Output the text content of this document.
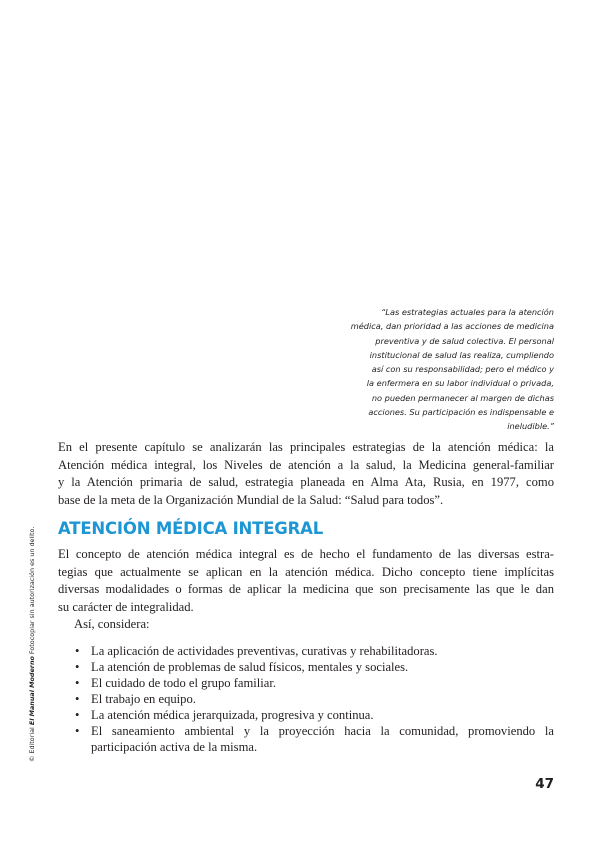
“Las estrategias actuales para la atención
médica, dan prioridad a las acciones de medicina
preventiva y de salud colectiva. El personal
institucional de salud las realiza, cumpliendo
así con su responsabilidad; pero el médico y
la enfermera en su labor individual o privada,
no pueden permanecer al margen de dichas
acciones. Su participación es indispensable e
ineludible.”
En el presente capítulo se analizarán las principales estrategias de la atención médica: la
Atención médica integral, los Niveles de atención a la salud, la Medicina general-familiar
y la Atención primaria de salud, estrategia planeada en Alma Ata, Rusia, en 1977, como
base de la meta de la Organización Mundial de la Salud: “Salud para todos”.
ATENCIÓN MÉDICA INTEGRAL
El concepto de atención médica integral es de hecho el fundamento de las diversas estra-
tegias que actualmente se aplican en la atención médica. Dicho concepto tiene implícitas
diversas modalidades o formas de aplicar la medicina que son precisamente las que le dan
su carácter de integralidad.
Así, considera:
• La aplicación de actividades preventivas, curativas y rehabilitadoras.
• La atención de problemas de salud físicos, mentales y sociales.
• El cuidado de todo el grupo familiar.
• El trabajo en equipo.
• La atención médica jerarquizada, progresiva y continua.
• El saneamiento ambiental y la proyección hacia la comunidad, promoviendo la
participación activa de la misma.
© Editorial El Manual Moderno Fotocopiar sin autorización es un delito.
47
